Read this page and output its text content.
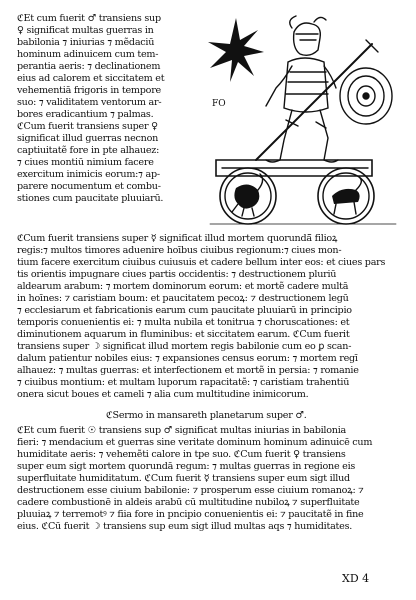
ℭEt cum fuerit ♂ transiens sup
♀ significat multas guerras in
babilonia ⁊ iniurias ⁊ mẽdaciū
hominum adinuicem cum tem-
perantia aeris: ⁊ declinationem
eius ad calorem et siccitatem et
vehementiā frigoris in tempore
suo: ⁊ validitatem ventorum ar-
bores eradicantium ⁊ palmas.
ℭCum fuerit transiens super ♀
significat illud guerras necnon
captiuitatẽ fore in pte alhauez:
⁊ ciues montiū nimium facere
exercitum inimicis eorum:⁊ ap-
parere nocumentum et combu-
stiones cum paucitate pluuiarū.
FO
ℭCum fuerit transiens super ☿ significat illud mortem quorundā̃ filioꝝ
regis:⁊ multos timores aduenire hoībus ciuibus regionum:⁊ ciues mon-
tium facere exercitum ciuibus cuiusuis et cadere bellum inter eos: et ciues pars
tis orientis impugnare ciues partis occidentis: ⁊ destructionem pluriū
aldearum arabum: ⁊ mortem dominorum eorum: et mortẽ cadere multā
in hoīnes: ⁊ caristiam boum: et paucitatem pecoꝝ: ⁊ destructionem legū
⁊ ecclesiarum et fabricationis earum cum paucitate pluuiarū in principio
temporis conuenientis ei: ⁊ multa nubila et tonitrua ⁊ choruscationes: et
diminutionem aquarum in fluminibus: et siccitatem earum. ℭCum fuerit
transiens super ☽ significat illud mortem regis babilonie cum eo ꝑ scan-
dalum patientur nobiles eius: ⁊ expansiones census eorum: ⁊ mortem regī
alhauez: ⁊ multas guerras: et interfectionem et mortẽ in persia: ⁊ romanie
⁊ ciuibus montium: et multam luporum rapacitatẽ: ⁊ caristiam trahentiū
onera sicut boues et cameli ⁊ alia cum multitudine inimicorum.
ℭSermo in mansareth planetarum super ♂.
ℭEt cum fuerit ☉ transiens sup ♂ significat multas iniurias in babilonia
fieri: ⁊ mendacium et guerras sine veritate dominum hominum adinuicē cum
humiditate aeris: ⁊ vehemẽti calore in tpe suo. ℭCum fuerit ♀ transiens
super eum sigt mortem quorundā regum: ⁊ multas guerras in regione eis
superfluitate humiditatum. ℭCum fuerit ☿ transiens super eum sigt illud
destructionem esse ciuium babilonie: ⁊ prosperum esse ciuium romanoꝝ: ⁊
cadere combustionē in aldeis arabū cū multitudine nubiloꝝ ⁊ superfluitate
pluuiaꝝ ⁊ terremotꝰ ⁊ fiia fore in pncipio conuenientis ei: ⁊ paucitatẽ in fine
eius. ℭCū fuerit ☽ transiens sup eum sigt illud multas aqs ⁊ humiditates.
XD 4
